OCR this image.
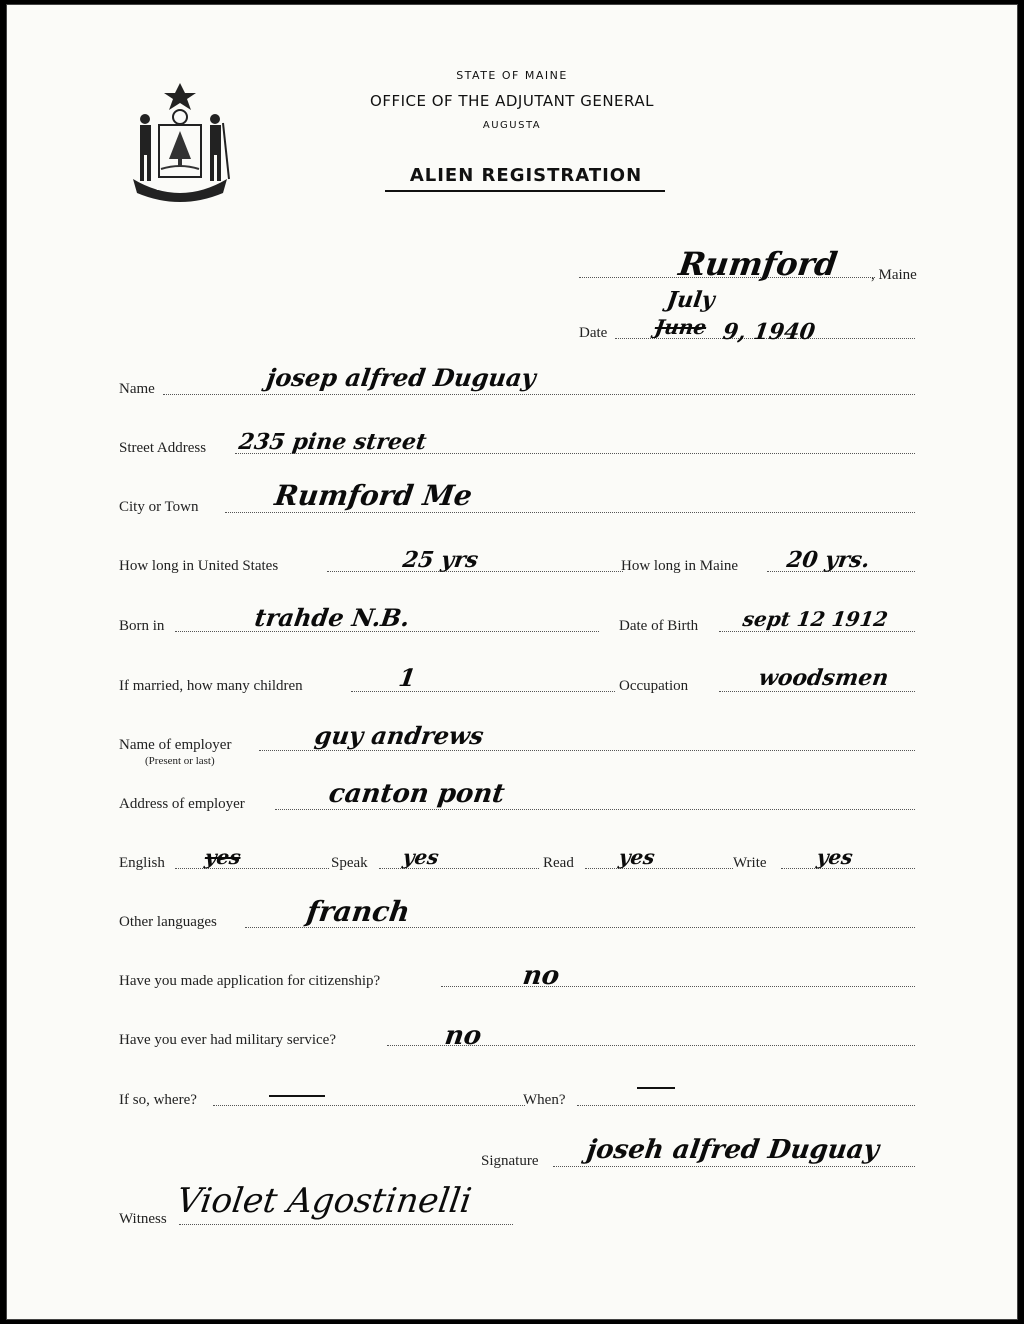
DIRIGO
STATE OF MAINE
OFFICE OF THE ADJUTANT GENERAL
AUGUSTA
ALIEN REGISTRATION
Rumford , Maine
Date June
July
9, 1940
Name	josep alfred Duguay
Street Address 235 pine street
City or Town	Rumford Me
How long in United States	25 yrs	How long in Maine 20 yrs.
Born in	trahde N.B.	Date of Birth sept 12 1912
If married, how many children	1	Occupation	woodsmen
Name of employer
(Present or last)
guy andrews
Address of employer	canton pont
English yes	Speak yes	Read yes	Write yes
Other languages	franch
Have you made application for citizenship?	no
Have you ever had military service?	no
If so, where?	When?
Signature joseh alfred Duguay
Witness Violet Agostinelli
